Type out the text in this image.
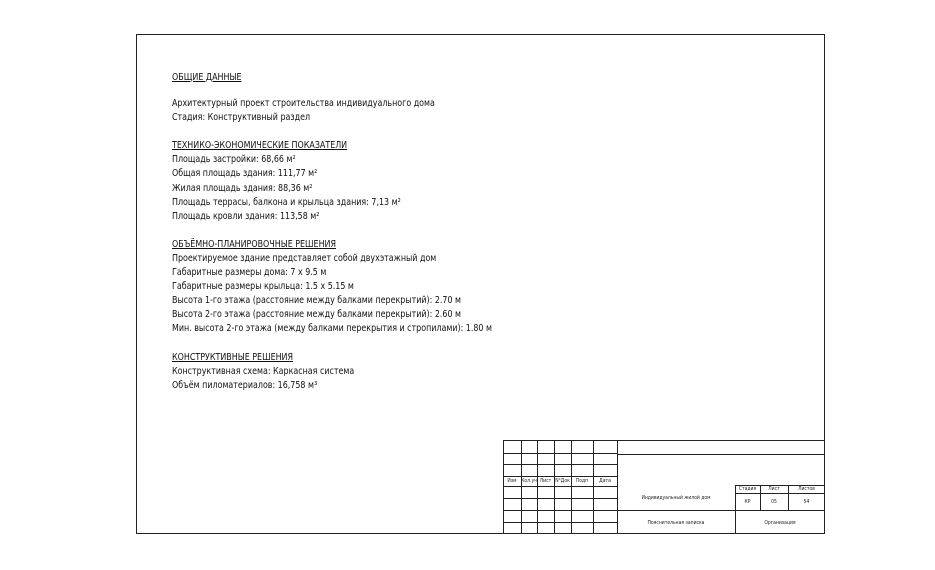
ОБЩИЕ ДАННЫЕ
Архитектурный проект строительства индивидуального дома
Стадия: Конструктивный раздел
ТЕХНИКО-ЭКОНОМИЧЕСКИЕ ПОКАЗАТЕЛИ
Площадь застройки: 68,66 м²
Общая площадь здания: 111,77 м²
Жилая площадь здания: 88,36 м²
Площадь террасы, балкона и крыльца здания: 7,13 м²
Площадь кровли здания: 113,58 м²
ОБЪЁМНО-ПЛАНИРОВОЧНЫЕ РЕШЕНИЯ
Проектируемое здание представляет собой двухэтажный дом
Габаритные размеры дома: 7 х 9.5 м
Габаритные размеры крыльца: 1.5 х 5.15 м
Высота 1-го этажа (расстояние между балками перекрытий): 2.70 м
Высота 2-го этажа (расстояние между балками перекрытий): 2.60 м
Мин. высота 2-го этажа (между балками перекрытия и стропилами): 1.80 м
КОНСТРУКТИВНЫЕ РЕШЕНИЯ
Конструктивная схема: Каркасная система
Объём пиломатериалов: 16,758 м³
Изм Кол.уч Лист N°Док	Подп	Дата
Индивидуальный жилой дом
Стадия	Лист	Листов
КР	05	54
Пояснительная записка	Организация
